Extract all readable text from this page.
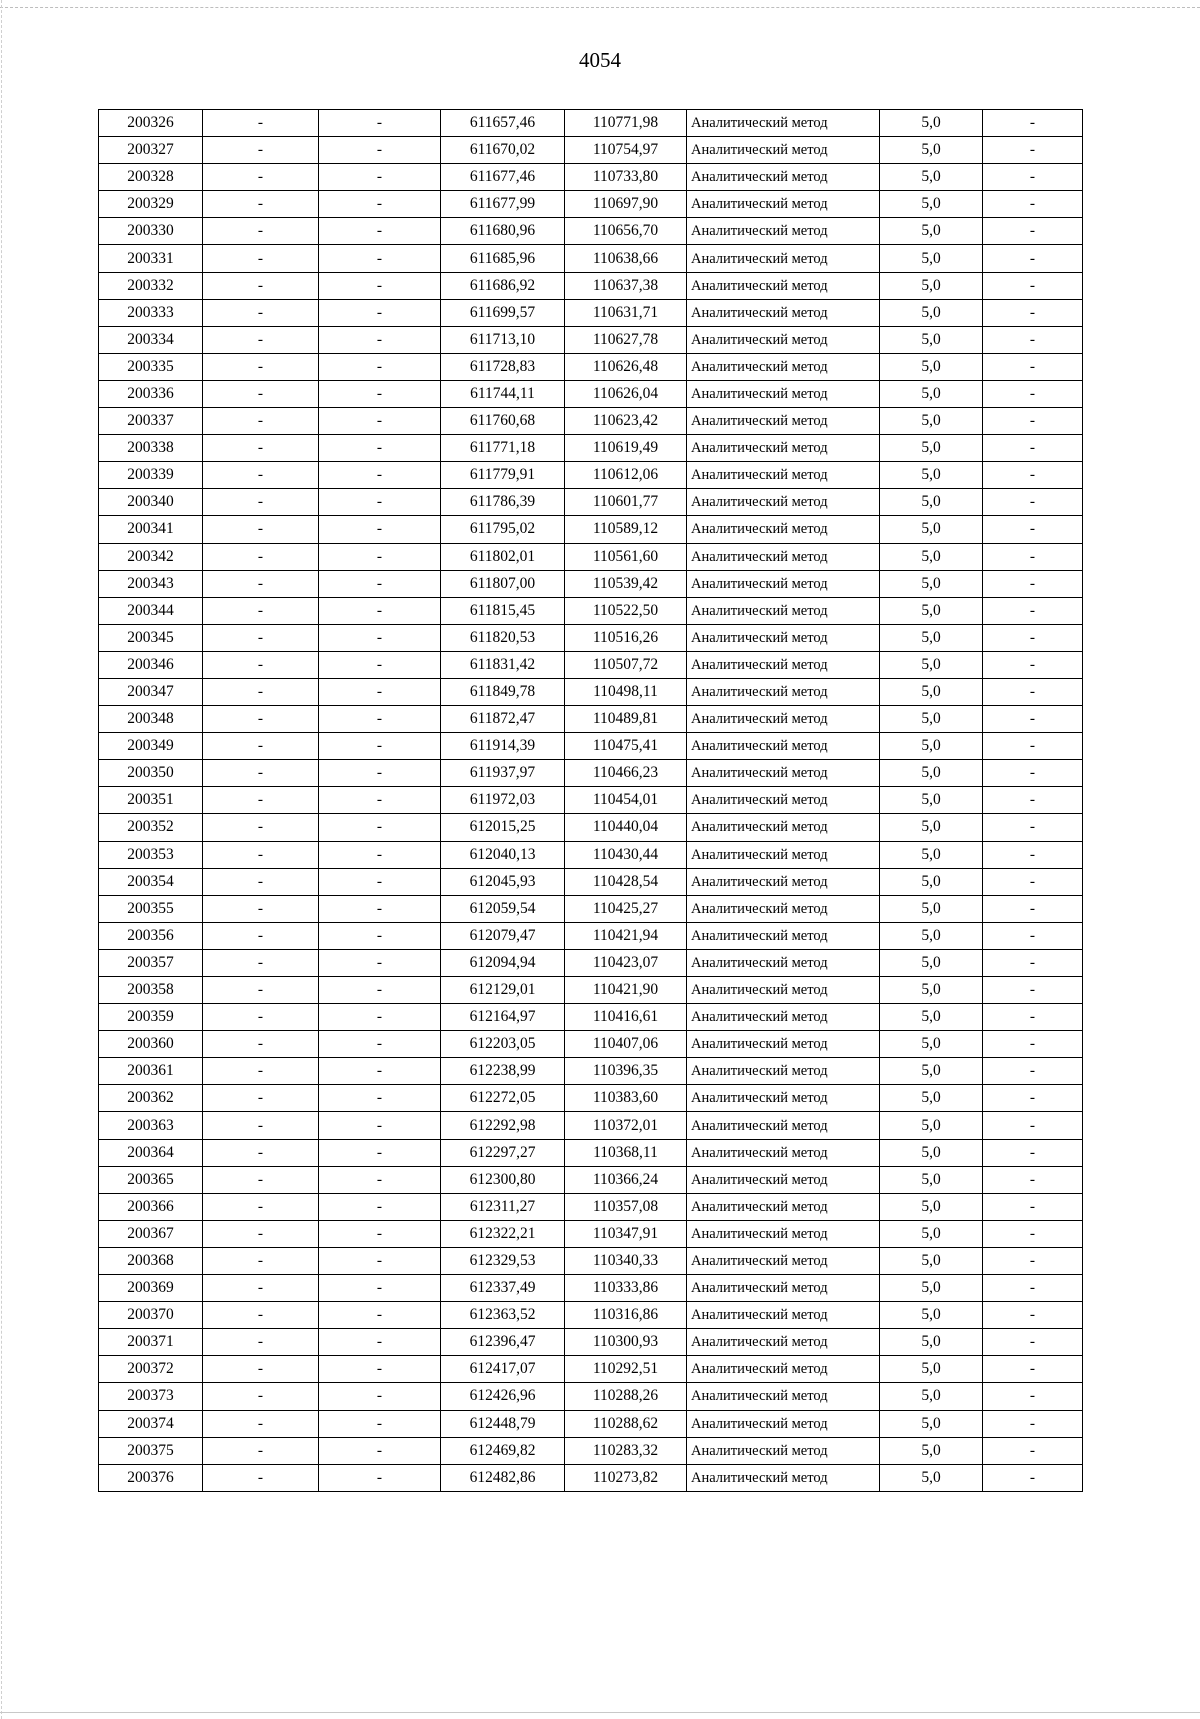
4054
200326	-	-	611657,46	110771,98	Аналитический метод	5,0	-
200327	-	-	611670,02	110754,97	Аналитический метод	5,0	-
200328	-	-	611677,46	110733,80	Аналитический метод	5,0	-
200329	-	-	611677,99	110697,90	Аналитический метод	5,0	-
200330	-	-	611680,96	110656,70	Аналитический метод	5,0	-
200331	-	-	611685,96	110638,66	Аналитический метод	5,0	-
200332	-	-	611686,92	110637,38	Аналитический метод	5,0	-
200333	-	-	611699,57	110631,71	Аналитический метод	5,0	-
200334	-	-	611713,10	110627,78	Аналитический метод	5,0	-
200335	-	-	611728,83	110626,48	Аналитический метод	5,0	-
200336	-	-	611744,11	110626,04	Аналитический метод	5,0	-
200337	-	-	611760,68	110623,42	Аналитический метод	5,0	-
200338	-	-	611771,18	110619,49	Аналитический метод	5,0	-
200339	-	-	611779,91	110612,06	Аналитический метод	5,0	-
200340	-	-	611786,39	110601,77	Аналитический метод	5,0	-
200341	-	-	611795,02	110589,12	Аналитический метод	5,0	-
200342	-	-	611802,01	110561,60	Аналитический метод	5,0	-
200343	-	-	611807,00	110539,42	Аналитический метод	5,0	-
200344	-	-	611815,45	110522,50	Аналитический метод	5,0	-
200345	-	-	611820,53	110516,26	Аналитический метод	5,0	-
200346	-	-	611831,42	110507,72	Аналитический метод	5,0	-
200347	-	-	611849,78	110498,11	Аналитический метод	5,0	-
200348	-	-	611872,47	110489,81	Аналитический метод	5,0	-
200349	-	-	611914,39	110475,41	Аналитический метод	5,0	-
200350	-	-	611937,97	110466,23	Аналитический метод	5,0	-
200351	-	-	611972,03	110454,01	Аналитический метод	5,0	-
200352	-	-	612015,25	110440,04	Аналитический метод	5,0	-
200353	-	-	612040,13	110430,44	Аналитический метод	5,0	-
200354	-	-	612045,93	110428,54	Аналитический метод	5,0	-
200355	-	-	612059,54	110425,27	Аналитический метод	5,0	-
200356	-	-	612079,47	110421,94	Аналитический метод	5,0	-
200357	-	-	612094,94	110423,07	Аналитический метод	5,0	-
200358	-	-	612129,01	110421,90	Аналитический метод	5,0	-
200359	-	-	612164,97	110416,61	Аналитический метод	5,0	-
200360	-	-	612203,05	110407,06	Аналитический метод	5,0	-
200361	-	-	612238,99	110396,35	Аналитический метод	5,0	-
200362	-	-	612272,05	110383,60	Аналитический метод	5,0	-
200363	-	-	612292,98	110372,01	Аналитический метод	5,0	-
200364	-	-	612297,27	110368,11	Аналитический метод	5,0	-
200365	-	-	612300,80	110366,24	Аналитический метод	5,0	-
200366	-	-	612311,27	110357,08	Аналитический метод	5,0	-
200367	-	-	612322,21	110347,91	Аналитический метод	5,0	-
200368	-	-	612329,53	110340,33	Аналитический метод	5,0	-
200369	-	-	612337,49	110333,86	Аналитический метод	5,0	-
200370	-	-	612363,52	110316,86	Аналитический метод	5,0	-
200371	-	-	612396,47	110300,93	Аналитический метод	5,0	-
200372	-	-	612417,07	110292,51	Аналитический метод	5,0	-
200373	-	-	612426,96	110288,26	Аналитический метод	5,0	-
200374	-	-	612448,79	110288,62	Аналитический метод	5,0	-
200375	-	-	612469,82	110283,32	Аналитический метод	5,0	-
200376	-	-	612482,86	110273,82	Аналитический метод	5,0	-
